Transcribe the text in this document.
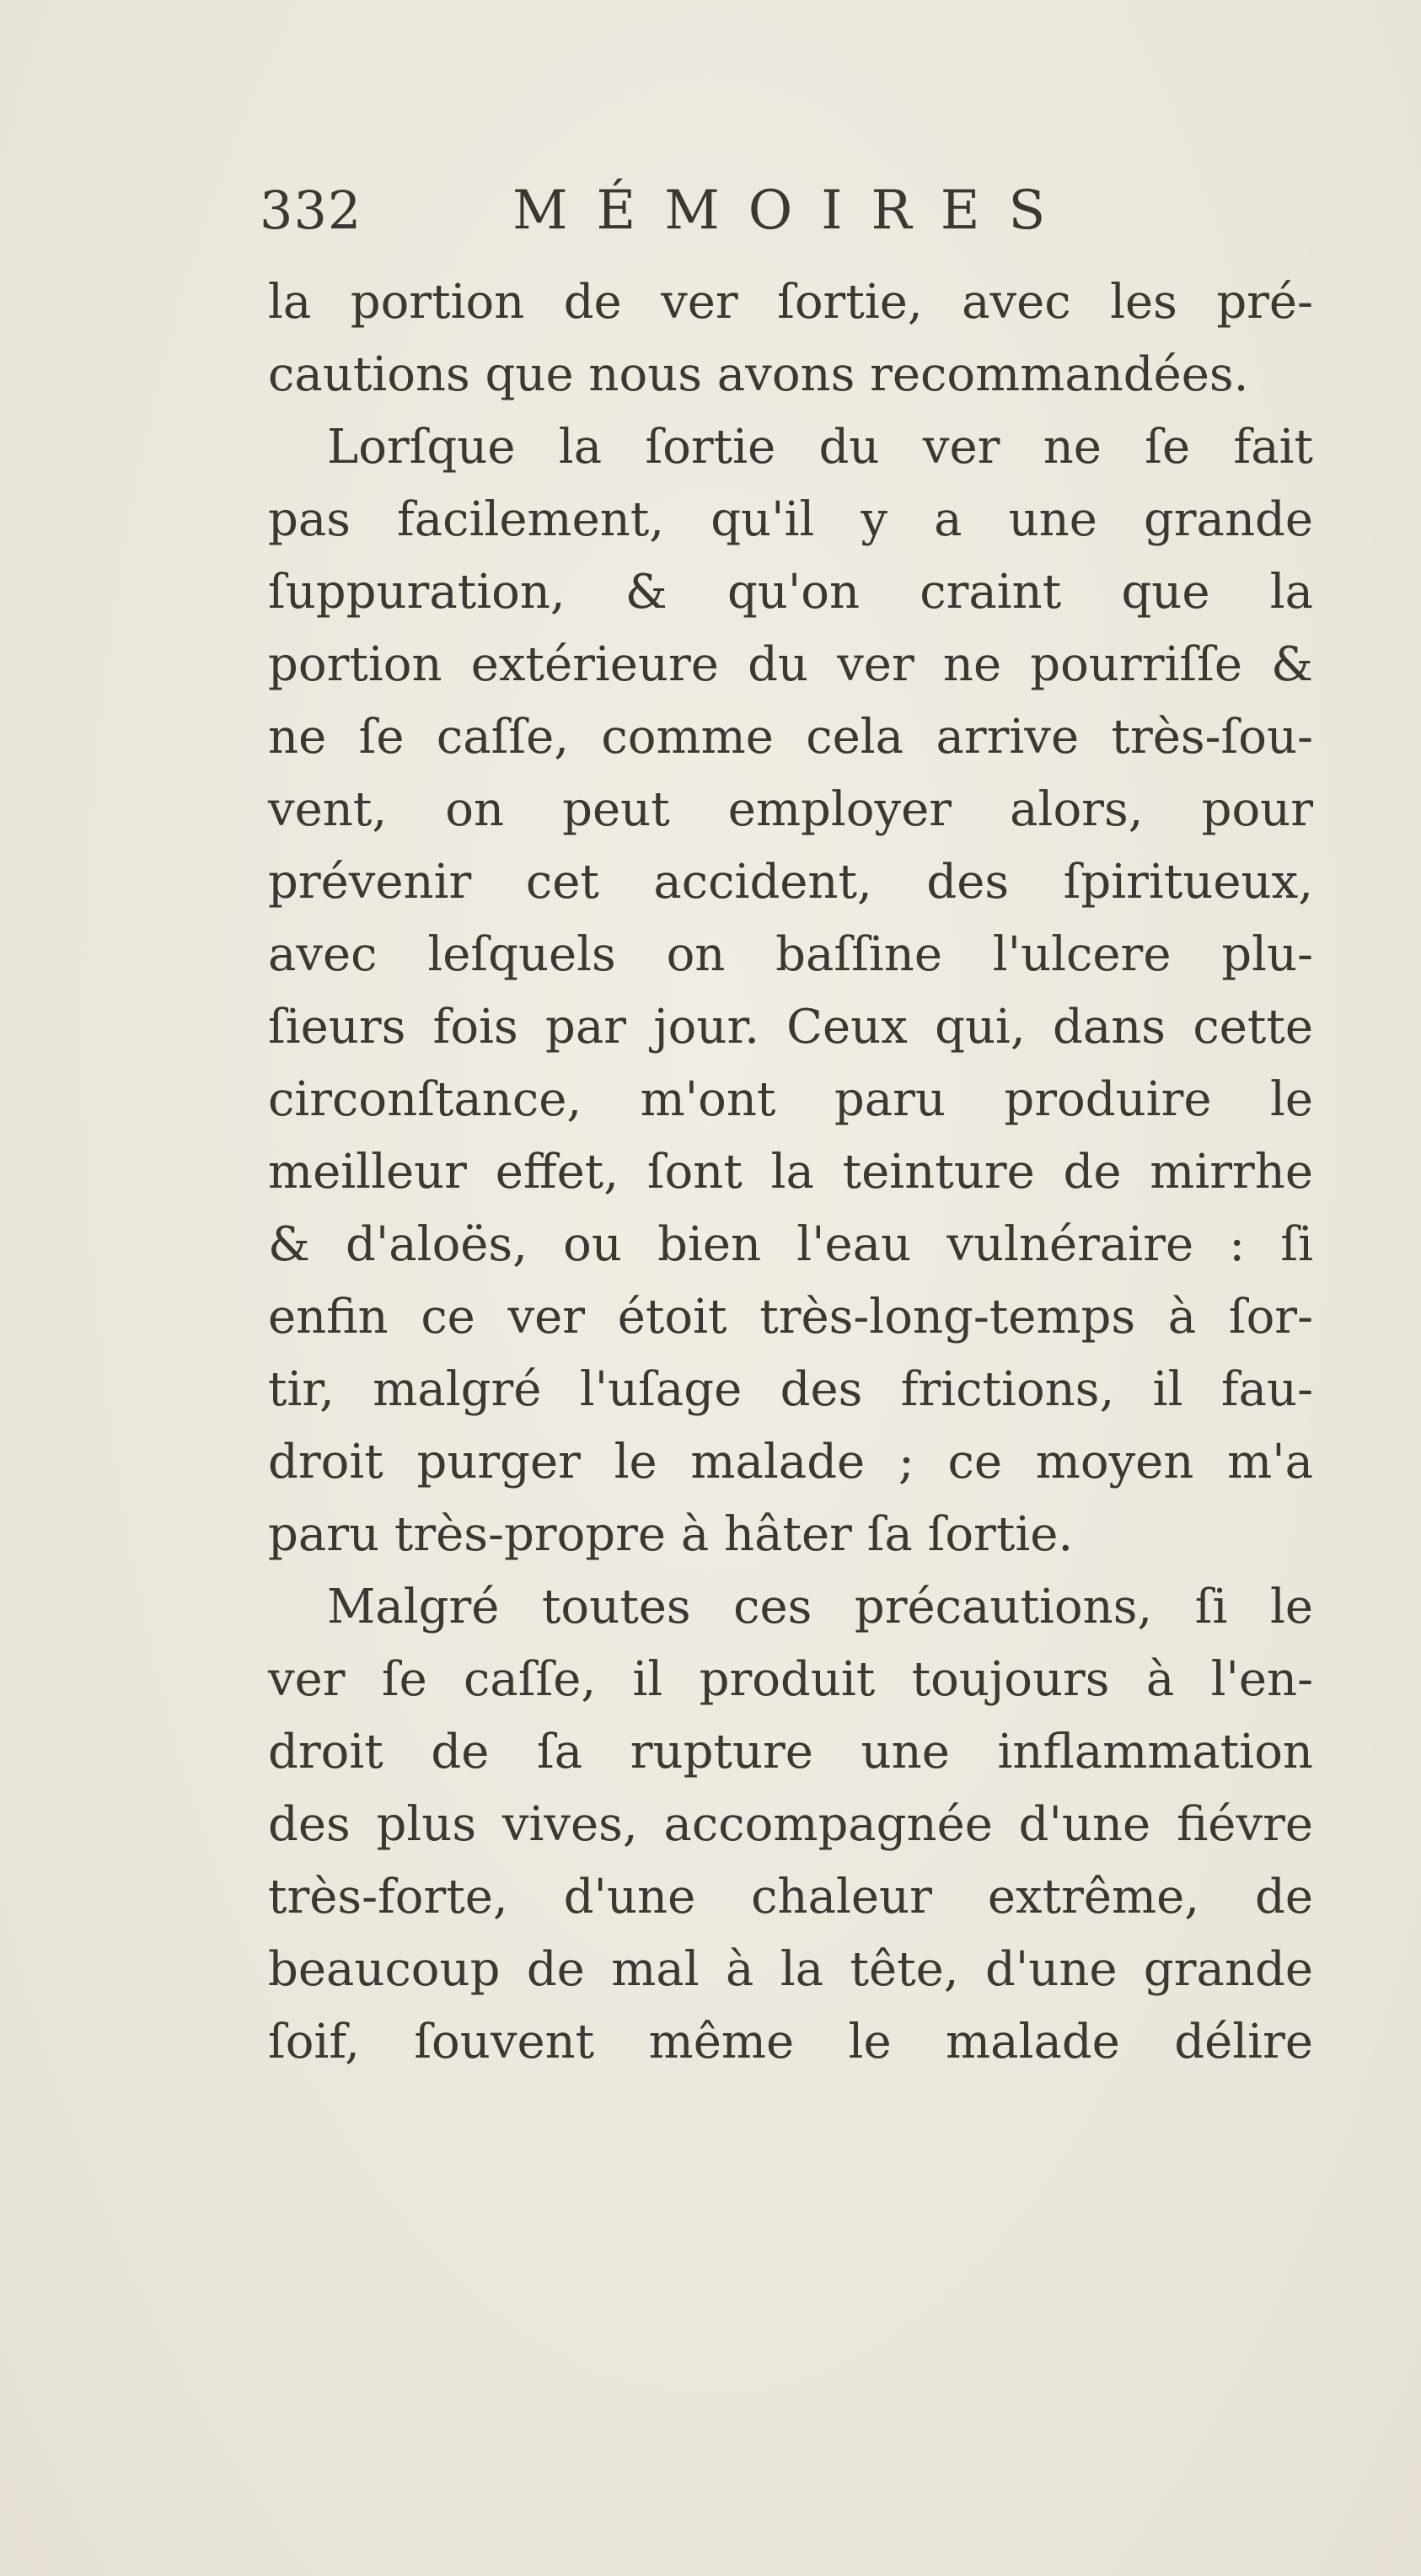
332	MÉMOIRES
la portion de ver ſortie, avec les pré-
cautions que nous avons recommandées.
Lorſque la ſortie du ver ne ſe fait
pas facilement, qu'il y a une grande
ſuppuration, & qu'on craint que la
portion extérieure du ver ne pourriſſe &
ne ſe caſſe, comme cela arrive très-ſou-
vent, on peut employer alors, pour
prévenir cet accident, des ſpiritueux,
avec leſquels on baſſine l'ulcere plu-
ſieurs fois par jour. Ceux qui, dans cette
circonſtance, m'ont paru produire le
meilleur effet, ſont la teinture de mirrhe
& d'aloës, ou bien l'eau vulnéraire : ſi
enfin ce ver étoit très-long-temps à ſor-
tir, malgré l'uſage des frictions, il fau-
droit purger le malade ; ce moyen m'a
paru très-propre à hâter ſa ſortie.
Malgré toutes ces précautions, ſi le
ver ſe caſſe, il produit toujours à l'en-
droit de ſa rupture une inflammation
des plus vives, accompagnée d'une fiévre
très-forte, d'une chaleur extrême, de
beaucoup de mal à la tête, d'une grande
ſoif, ſouvent même le malade délire
